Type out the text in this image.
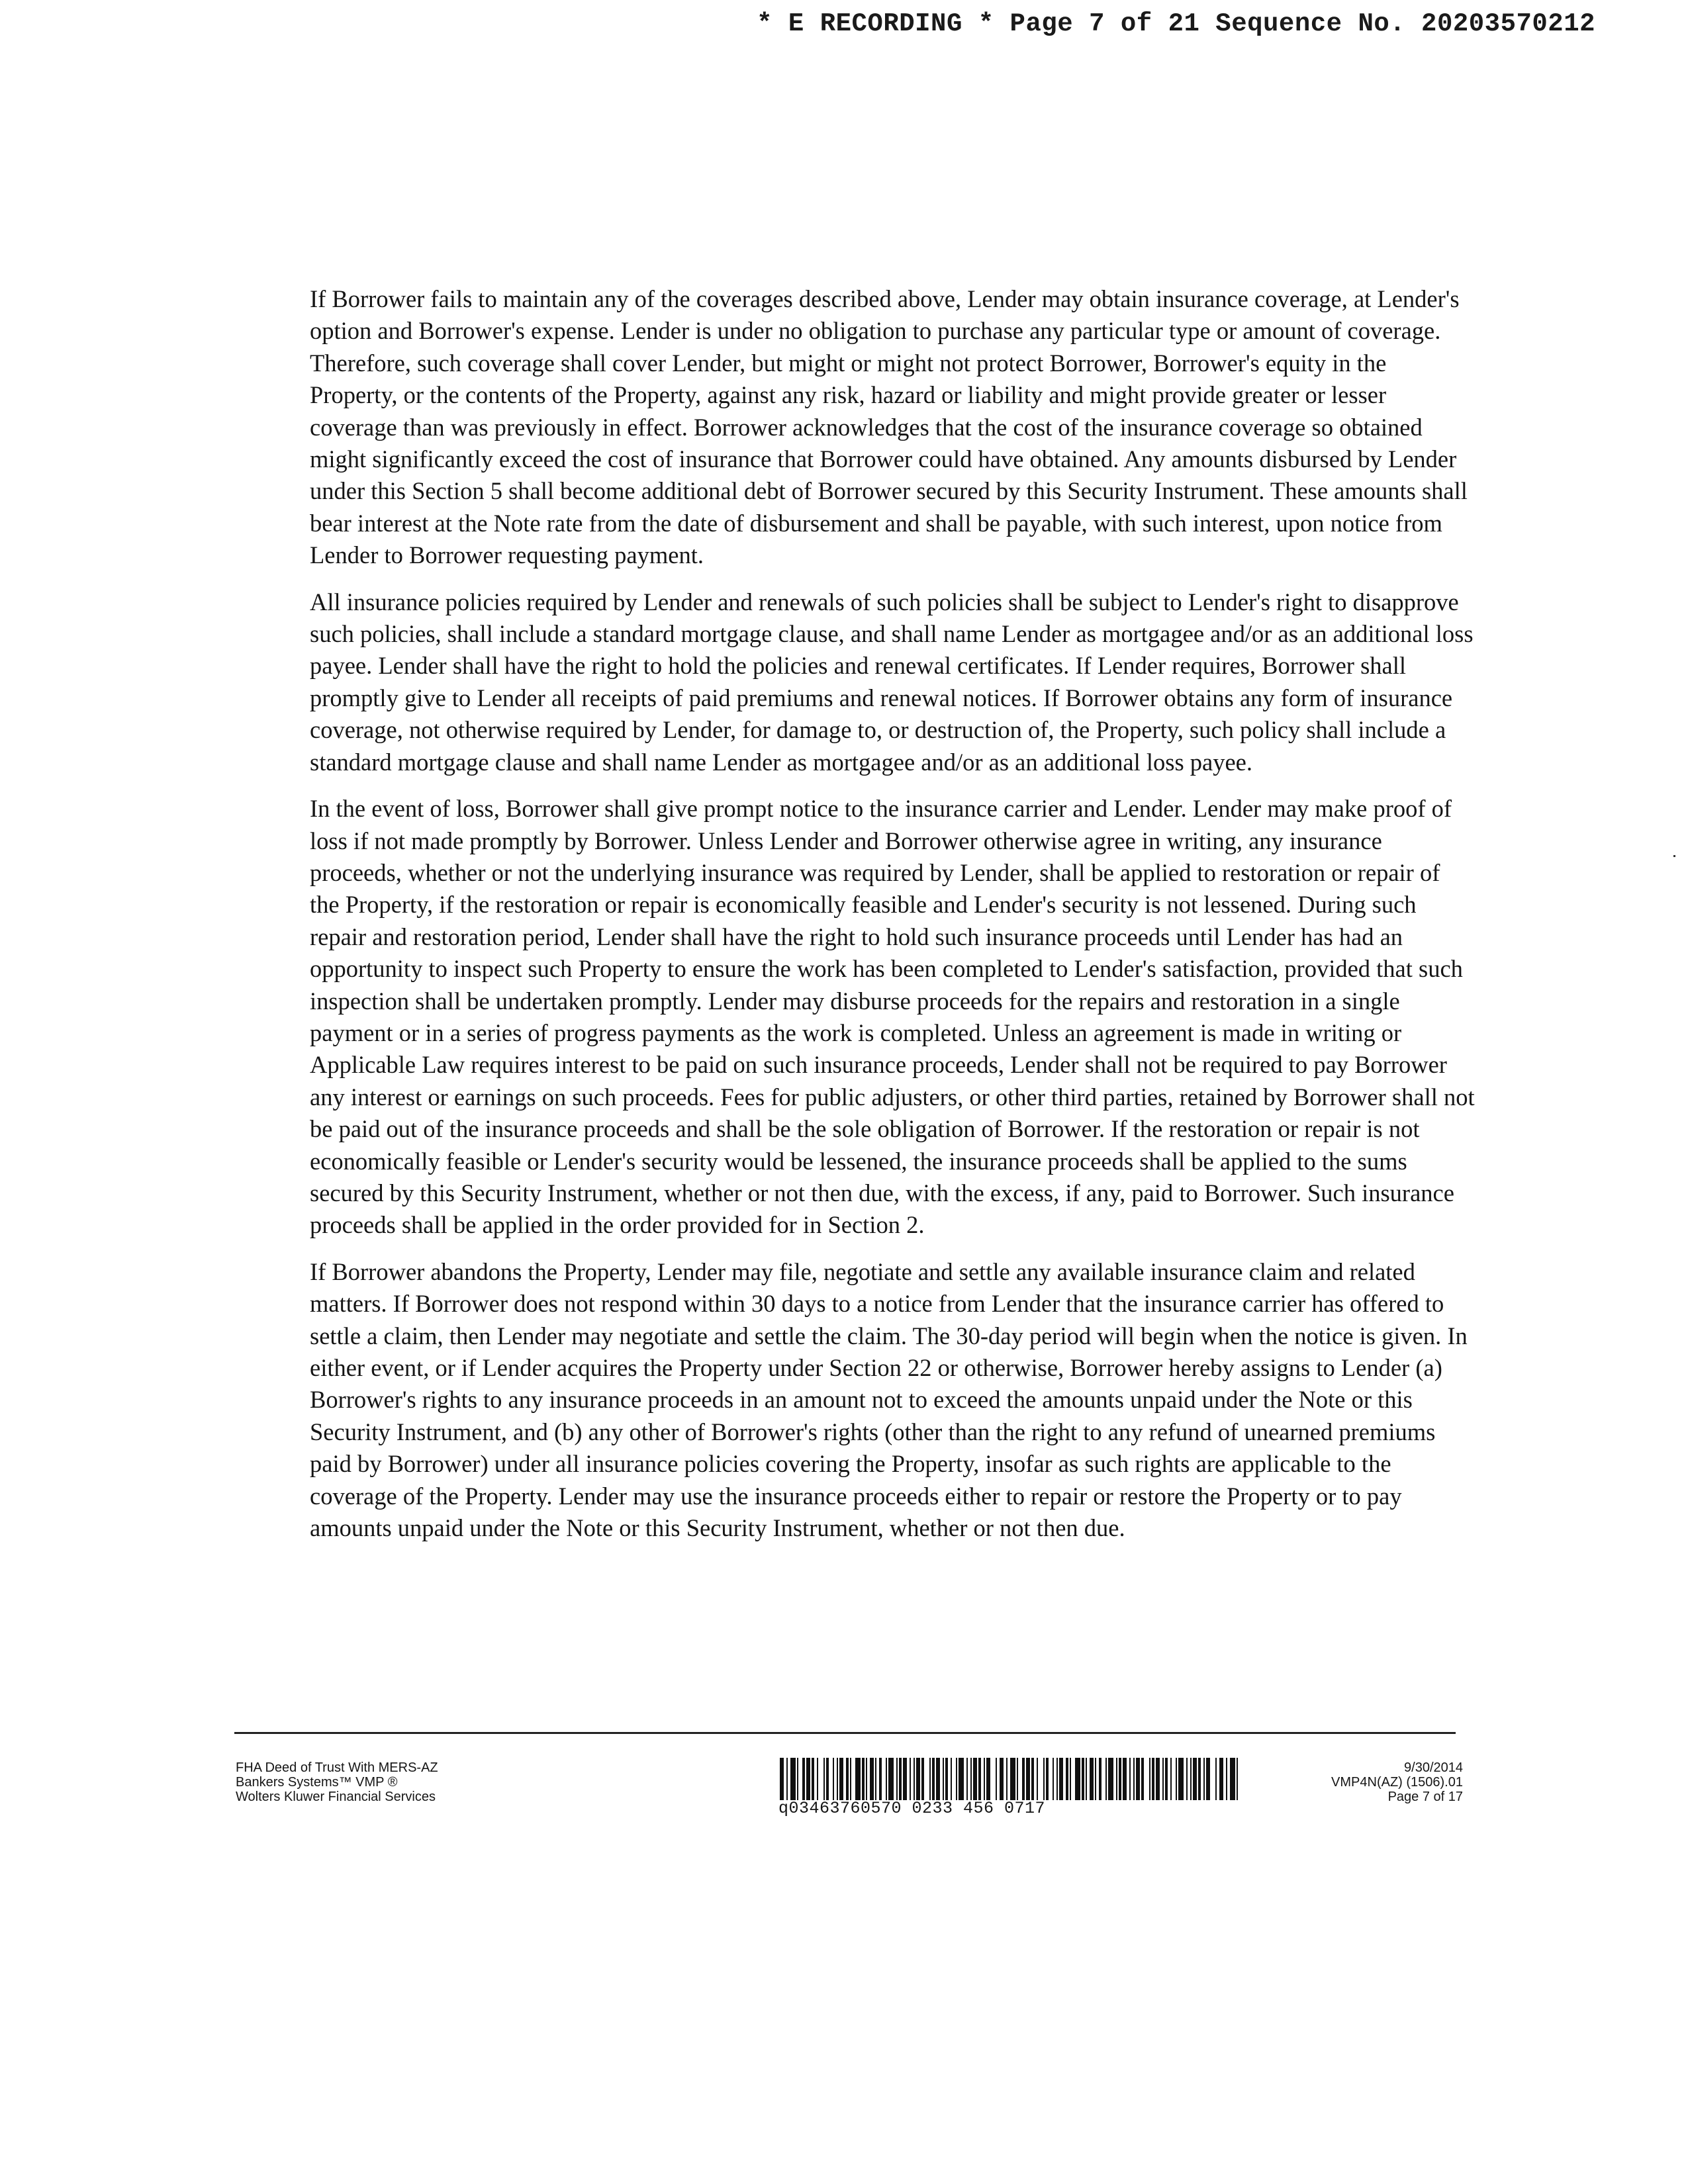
* E RECORDING * Page 7 of 21 Sequence No. 20203570212

If Borrower fails to maintain any of the coverages described above, Lender may obtain insurance coverage, at Lender's option and Borrower's expense. Lender is under no obligation to purchase any particular type or amount of coverage. Therefore, such coverage shall cover Lender, but might or might not protect Borrower, Borrower's equity in the Property, or the contents of the Property, against any risk, hazard or liability and might provide greater or lesser coverage than was previously in effect. Borrower acknowledges that the cost of the insurance coverage so obtained might significantly exceed the cost of insurance that Borrower could have obtained. Any amounts disbursed by Lender under this Section 5 shall become additional debt of Borrower secured by this Security Instrument. These amounts shall bear interest at the Note rate from the date of disbursement and shall be payable, with such interest, upon notice from Lender to Borrower requesting payment.

All insurance policies required by Lender and renewals of such policies shall be subject to Lender's right to disapprove such policies, shall include a standard mortgage clause, and shall name Lender as mortgagee and/or as an additional loss payee. Lender shall have the right to hold the policies and renewal certificates. If Lender requires, Borrower shall promptly give to Lender all receipts of paid premiums and renewal notices. If Borrower obtains any form of insurance coverage, not otherwise required by Lender, for damage to, or destruction of, the Property, such policy shall include a standard mortgage clause and shall name Lender as mortgagee and/or as an additional loss payee.

In the event of loss, Borrower shall give prompt notice to the insurance carrier and Lender. Lender may make proof of loss if not made promptly by Borrower. Unless Lender and Borrower otherwise agree in writing, any insurance proceeds, whether or not the underlying insurance was required by Lender, shall be applied to restoration or repair of the Property, if the restoration or repair is economically feasible and Lender's security is not lessened. During such repair and restoration period, Lender shall have the right to hold such insurance proceeds until Lender has had an opportunity to inspect such Property to ensure the work has been completed to Lender's satisfaction, provided that such inspection shall be undertaken promptly. Lender may disburse proceeds for the repairs and restoration in a single payment or in a series of progress payments as the work is completed. Unless an agreement is made in writing or Applicable Law requires interest to be paid on such insurance proceeds, Lender shall not be required to pay Borrower any interest or earnings on such proceeds. Fees for public adjusters, or other third parties, retained by Borrower shall not be paid out of the insurance proceeds and shall be the sole obligation of Borrower. If the restoration or repair is not economically feasible or Lender's security would be lessened, the insurance proceeds shall be applied to the sums secured by this Security Instrument, whether or not then due, with the excess, if any, paid to Borrower. Such insurance proceeds shall be applied in the order provided for in Section 2.

If Borrower abandons the Property, Lender may file, negotiate and settle any available insurance claim and related matters. If Borrower does not respond within 30 days to a notice from Lender that the insurance carrier has offered to settle a claim, then Lender may negotiate and settle the claim. The 30-day period will begin when the notice is given. In either event, or if Lender acquires the Property under Section 22 or otherwise, Borrower hereby assigns to Lender (a) Borrower's rights to any insurance proceeds in an amount not to exceed the amounts unpaid under the Note or this Security Instrument, and (b) any other of Borrower's rights (other than the right to any refund of unearned premiums paid by Borrower) under all insurance policies covering the Property, insofar as such rights are applicable to the coverage of the Property. Lender may use the insurance proceeds either to repair or restore the Property or to pay amounts unpaid under the Note or this Security Instrument, whether or not then due.

FHA Deed of Trust With MERS-AZ
Bankers Systems™ VMP ®
Wolters Kluwer Financial Services
q03463760570 0233 456 0717
9/30/2014
VMP4N(AZ) (1506).01
Page 7 of 17
